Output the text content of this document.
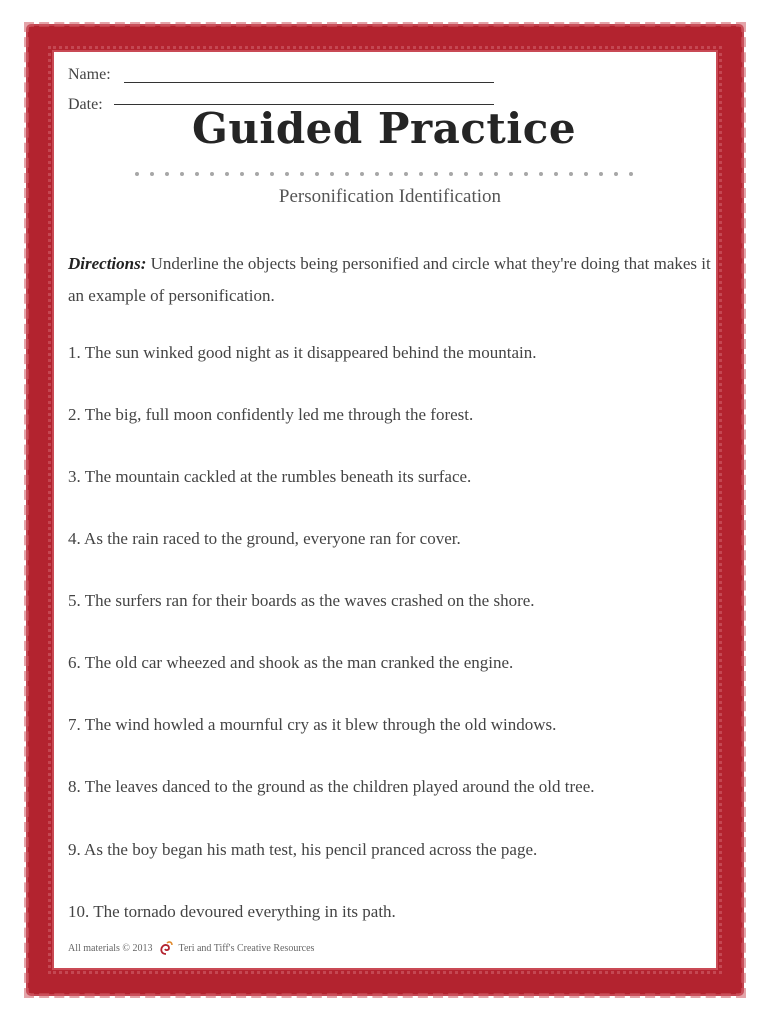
Name:
Date:	Guided Practice
Personification Identification
Directions: Underline the objects being personified and circle what they're doing that makes it an example of personification.
1. The sun winked good night as it disappeared behind the mountain.
2. The big, full moon confidently led me through the forest.
3. The mountain cackled at the rumbles beneath its surface.
4. As the rain raced to the ground, everyone ran for cover.
5. The surfers ran for their boards as the waves crashed on the shore.
6. The old car wheezed and shook as the man cranked the engine.
7. The wind howled a mournful cry as it blew through the old windows.
8. The leaves danced to the ground as the children played around the old tree.
9. As the boy began his math test, his pencil pranced across the page.
10. The tornado devoured everything in its path.
All materials © 2013	Teri and Tiff's Creative Resources
